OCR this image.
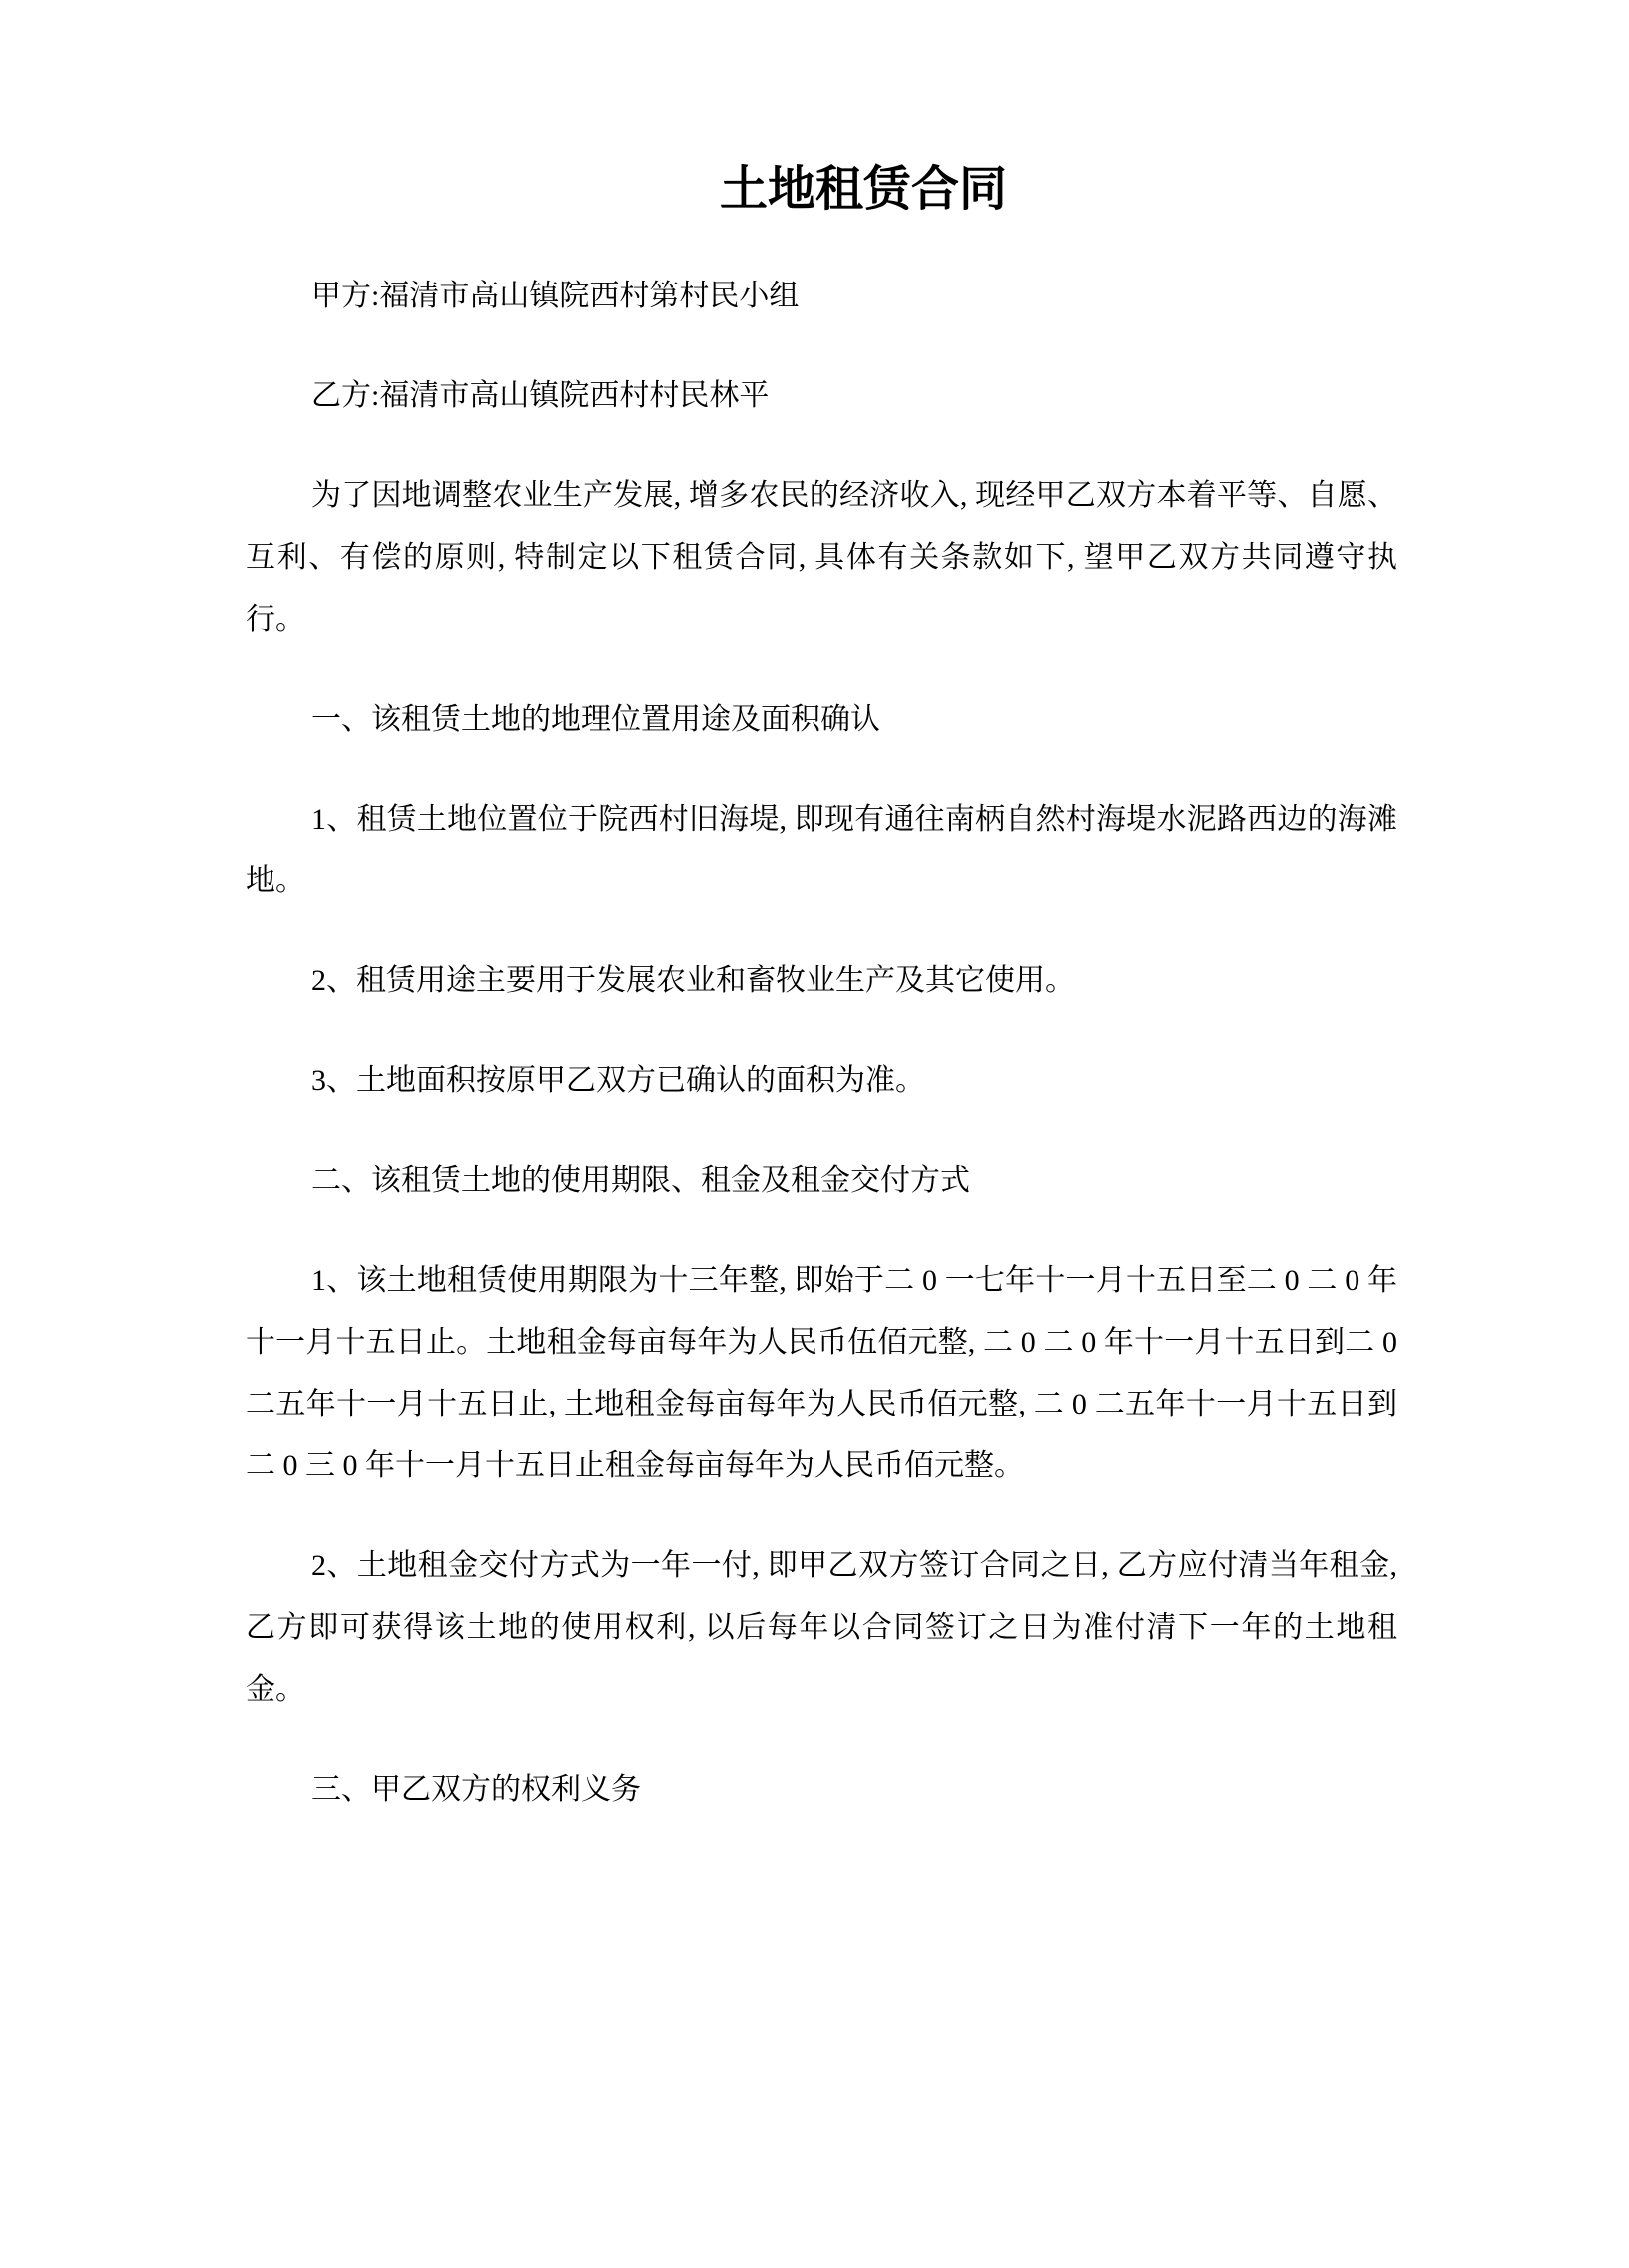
土地租赁合同

甲方:福清市高山镇院西村第村民小组

乙方:福清市高山镇院西村村民林平

为了因地调整农业生产发展, 增多农民的经济收入, 现经甲乙双方本着平等、自愿、互利、有偿的原则, 特制定以下租赁合同, 具体有关条款如下, 望甲乙双方共同遵守执行。

一、该租赁土地的地理位置用途及面积确认

1、租赁土地位置位于院西村旧海堤, 即现有通往南柄自然村海堤水泥路西边的海滩地。

2、租赁用途主要用于发展农业和畜牧业生产及其它使用。

3、土地面积按原甲乙双方已确认的面积为准。

二、该租赁土地的使用期限、租金及租金交付方式

1、该土地租赁使用期限为十三年整, 即始于二 0 一七年十一月十五日至二 0 二 0 年十一月十五日止。土地租金每亩每年为人民币伍佰元整, 二 0 二 0 年十一月十五日到二 0 二五年十一月十五日止, 土地租金每亩每年为人民币佰元整, 二 0 二五年十一月十五日到二 0 三 0 年十一月十五日止租金每亩每年为人民币佰元整。

2、土地租金交付方式为一年一付, 即甲乙双方签订合同之日, 乙方应付清当年租金, 乙方即可获得该土地的使用权利, 以后每年以合同签订之日为准付清下一年的土地租金。

三、甲乙双方的权利义务
